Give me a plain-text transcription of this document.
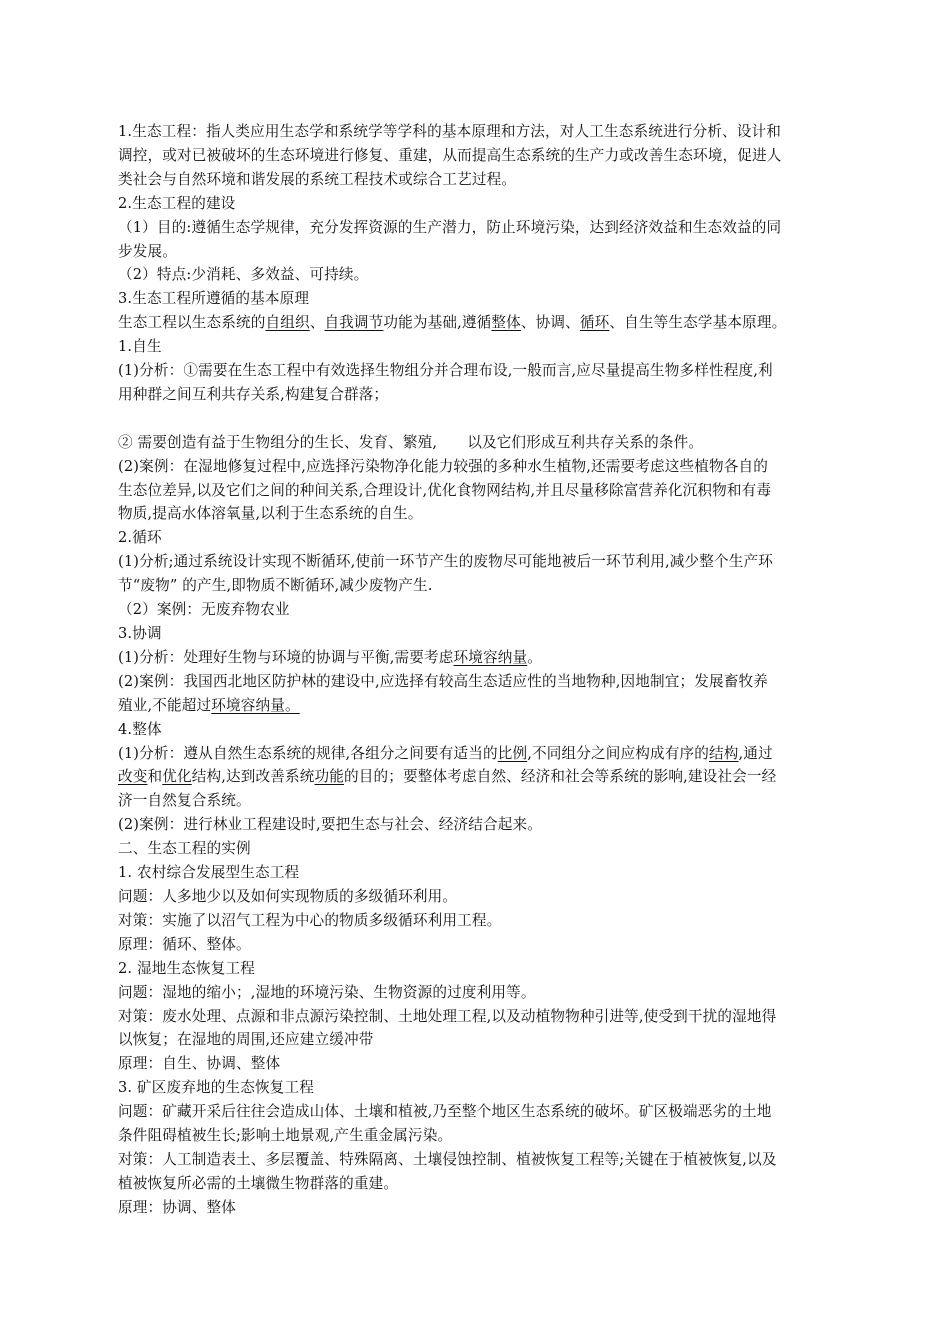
1.生态工程：指人类应用生态学和系统学等学科的基本原理和方法，对人工生态系统进行分析、设计和
调控，或对已被破坏的生态环境进行修复、重建，从而提高生态系统的生产力或改善生态环境，促进人
类社会与自然环境和谐发展的系统工程技术或综合工艺过程。
2.生态工程的建设
（1）目的:遵循生态学规律，充分发挥资源的生产潜力，防止环境污染，达到经济效益和生态效益的同
步发展。
（2）特点:少消耗、多效益、可持续。
3.生态工程所遵循的基本原理
生态工程以生态系统的自组织、自我调节功能为基础,遵循整体、协调、循环、自生等生态学基本原理。
1.自生
(1)分析：①需要在生态工程中有效选择生物组分并合理布设,一般而言,应尽量提高生物多样性程度,利
用种群之间互利共存关系,构建复合群落；
② 需要创造有益于生物组分的生长、发育、繁殖, 以及它们形成互利共存关系的条件。
(2)案例：在湿地修复过程中,应选择污染物净化能力较强的多种水生植物,还需要考虑这些植物各自的
生态位差异,以及它们之间的种间关系,合理设计,优化食物网结构,并且尽量移除富营养化沉积物和有毒
物质,提高水体溶氧量,以利于生态系统的自生。
2.循环
(1)分析;通过系统设计实现不断循环,使前一环节产生的废物尽可能地被后一环节利用,减少整个生产环
节“废物” 的产生,即物质不断循环,减少废物产生.
（2）案例：无废弃物农业
3.协调
(1)分析：处理好生物与环境的协调与平衡,需要考虑环境容纳量。
(2)案例：我国西北地区防护林的建设中,应选择有较高生态适应性的当地物种,因地制宜；发展畜牧养
殖业,不能超过环境容纳量。
4.整体
(1)分析：遵从自然生态系统的规律,各组分之间要有适当的比例,不同组分之间应构成有序的结构,通过
改变和优化结构,达到改善系统功能的目的；要整体考虑自然、经济和社会等系统的影响,建设社会一经
济一自然复合系统。
(2)案例：进行林业工程建设时,要把生态与社会、经济结合起来。
二、生态工程的实例
1. 农村综合发展型生态工程
问题：人多地少以及如何实现物质的多级循环利用。
对策：实施了以沼气工程为中心的物质多级循环利用工程。
原理：循环、整体。
2. 湿地生态恢复工程
问题：湿地的缩小；,湿地的环境污染、生物资源的过度利用等。
对策：废水处理、点源和非点源污染控制、土地处理工程,以及动植物物种引进等,使受到干扰的湿地得
以恢复；在湿地的周围,还应建立缓冲带
原理：自生、协调、整体
3. 矿区废弃地的生态恢复工程
问题：矿藏开采后往往会造成山体、土壤和植被,乃至整个地区生态系统的破坏。矿区极端恶劣的土地
条件阻碍植被生长;影响土地景观,产生重金属污染。
对策：人工制造表土、多层覆盖、特殊隔离、土壤侵蚀控制、植被恢复工程等;关键在于植被恢复,以及
植被恢复所必需的土壤微生物群落的重建。
原理：协调、整体
